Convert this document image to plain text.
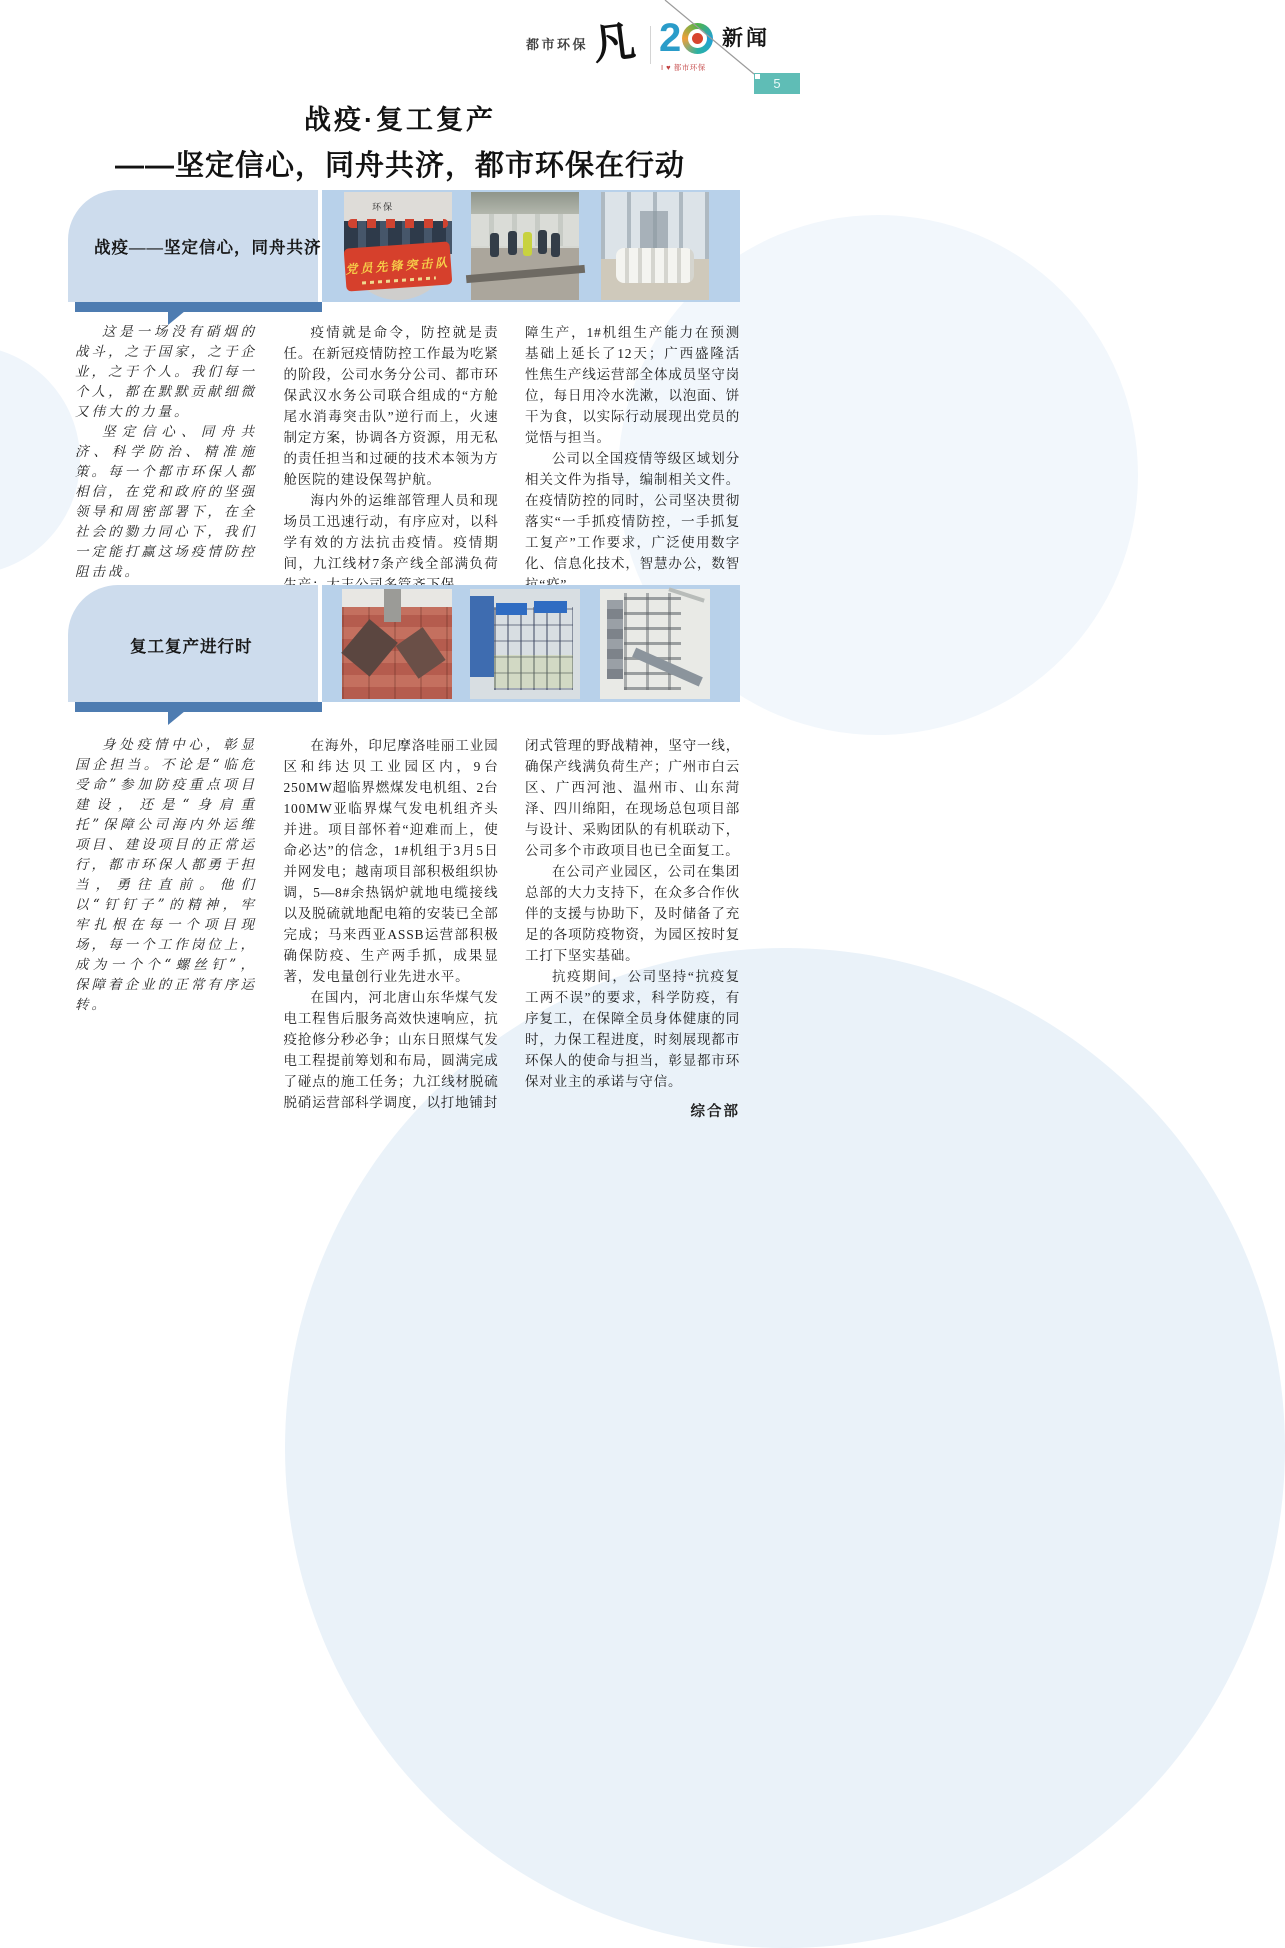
都市环保 凡 2
I ♥ 都市环保
新闻
5

战疫·复工复产

——坚定信心，同舟共济，都市环保在行动

战疫——坚定信心，同舟共济
环保
党员先锋突击队

这是一场没有硝烟的战斗，之于国家，之于企业，之于个人。我们每一个人，都在默默贡献细微又伟大的力量。

坚定信心、同舟共济、科学防治、精准施策。每一个都市环保人都相信，在党和政府的坚强领导和周密部署下，在全社会的勠力同心下，我们一定能打赢这场疫情防控阻击战。

疫情就是命令，防控就是责任。在新冠疫情防控工作最为吃紧的阶段，公司水务分公司、都市环保武汉水务公司联合组成的“方舱尾水消毒突击队”逆行而上，火速制定方案，协调各方资源，用无私的责任担当和过硬的技术本领为方舱医院的建设保驾护航。

海内外的运维部管理人员和现场员工迅速行动，有序应对，以科学有效的方法抗击疫情。疫情期间，九江线材7条产线全部满负荷 ；

障生产，1#机组生产能力在预测基础上延长了12天；广西盛隆活性焦生产线运营部全体成员坚守岗位，每日用冷水洗漱，以泡面、饼干为食，以实际行动展现出党员的觉悟与担当。

公司以全国疫情等级区域划分相关文件为指导，编制相关文件。在疫情防控的同时，公司坚决贯彻落实“一手抓疫情防控，一手抓复工复产”工作要求，广泛使用数字化、信息化技术，智慧办公，数智

复工复产进行时

身处疫情中心，彰显国企担当。不论是“临危受命”参加防疫重点项目建设，还是“身肩重托”保障公司海内外运维项目、建设项目的正常运行，都市环保人都勇于担当，勇往直前。他们以“钉钉子”的精神，牢牢扎根在每一个项目现场，每一个工作岗位上，成为一个个“螺丝钉”，保障着企业的正常有序运转。

在海外，印尼摩洛哇丽工业园区和纬达贝工业园区内，9台250MW超临界燃煤发电机组、2台100MW亚临界煤气发电机组齐头并进。项目部怀着“迎难而上，使命必达”的信念，1#机组于3月5日并网发电；越南项目部积极组织协调，5—8#余热锅炉就地电缆接线以及脱硫就地配电箱的安装已全部完成；马来西亚ASSB运营部积极确保防疫、生产两手抓，成果显著，发电量创行业先进水平。

在国内，河北唐山东华煤气发电工程售后服务高效快速响应，抗疫抢修分秒必争；山东日照煤气发电工程提前筹划和布局，圆满完成了碰点的施工任务；九江线材脱硫脱硝运营部科学调度，以打地铺封

闭式管理的野战精神，坚守一线，确保产线满负荷生产；广州市白云区、广西河池、温州市、山东菏泽、四川绵阳，在现场总包项目部与设计、采购团队的有机联动下，公司多个市政项目也已全面复工。

在公司产业园区，公司在集团总部的大力支持下，在众多合作伙伴的支援与协助下，及时储备了充足的各项防疫物资，为园区按时复工打下坚实基础。

抗疫期间，公司坚持“抗疫复工两不误”的要求，科学防疫，有序复工，在保障全员身体健康的同时，力保工程进度，时刻展现都市环保人的使命与担当，彰显都市环保对业主的承诺与守信。

综合部
